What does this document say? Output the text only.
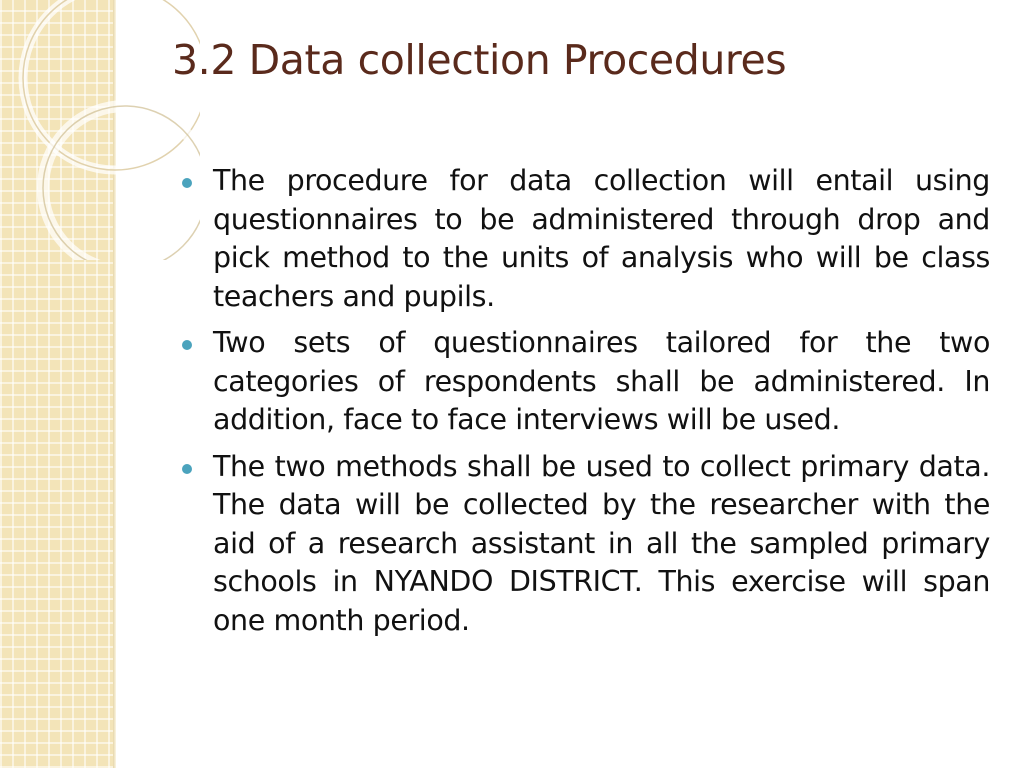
3.2 Data collection Procedures
The procedure for data collection will entail using questionnaires to be administered through drop and pick method to the units of analysis who will be class teachers and pupils.
Two sets of questionnaires tailored for the two categories of respondents shall be administered. In addition, face to face interviews will be used.
The two methods shall be used to collect primary data. The data will be collected by the researcher with the aid of a research assistant in all the sampled primary schools in NYANDO DISTRICT. This exercise will span one month period.
